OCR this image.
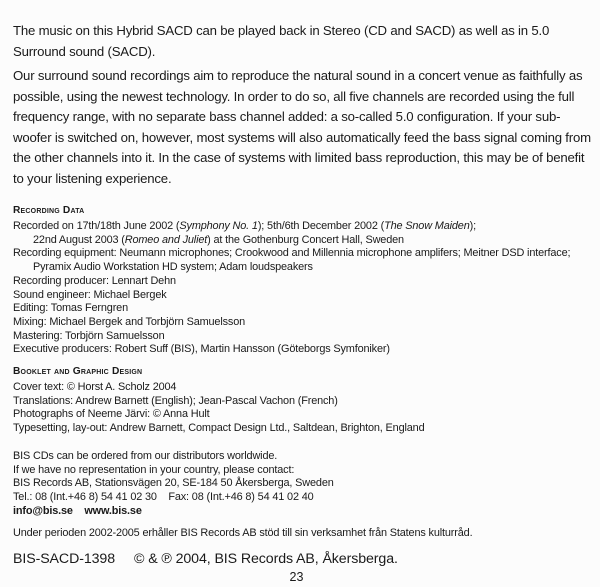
The music on this Hybrid SACD can be played back in Stereo (CD and SACD) as well as in 5.0 Surround sound (SACD).

Our surround sound recordings aim to reproduce the natural sound in a concert venue as faithfully as possible, using the newest technology. In order to do so, all five channels are recorded using the full frequency range, with no separate bass channel added: a so-called 5.0 configuration. If your sub-woofer is switched on, however, most systems will also automatically feed the bass signal coming from the other channels into it. In the case of systems with limited bass reproduction, this may be of benefit to your listening experience.

Recording Data
Recorded on 17th/18th June 2002 (Symphony No. 1); 5th/6th December 2002 (The Snow Maiden);
22nd August 2003 (Romeo and Juliet) at the Gothenburg Concert Hall, Sweden
Recording equipment: Neumann microphones; Crookwood and Millennia microphone amplifers; Meitner DSD interface;
Pyramix Audio Workstation HD system; Adam loudspeakers
Recording producer: Lennart Dehn
Sound engineer: Michael Bergek
Editing: Tomas Ferngren
Mixing: Michael Bergek and Torbjörn Samuelsson
Mastering: Torbjörn Samuelsson
Executive producers: Robert Suff (BIS), Martin Hansson (Göteborgs Symfoniker)
Booklet and Graphic Design
Cover text: © Horst A. Scholz 2004
Translations: Andrew Barnett (English); Jean-Pascal Vachon (French)
Photographs of Neeme Järvi: © Anna Hult
Typesetting, lay-out: Andrew Barnett, Compact Design Ltd., Saltdean, Brighton, England
BIS CDs can be ordered from our distributors worldwide.
If we have no representation in your country, please contact:
BIS Records AB, Stationsvägen 20, SE-184 50 Åkersberga, Sweden
Tel.: 08 (Int.+46 8) 54 41 02 30    Fax: 08 (Int.+46 8) 54 41 02 40
info@bis.se www.bis.se

Under perioden 2002-2005 erhåller BIS Records AB stöd till sin verksamhet från Statens kulturråd.

BIS-SACD-1398 © & ℗ 2004, BIS Records AB, Åkersberga.
23
